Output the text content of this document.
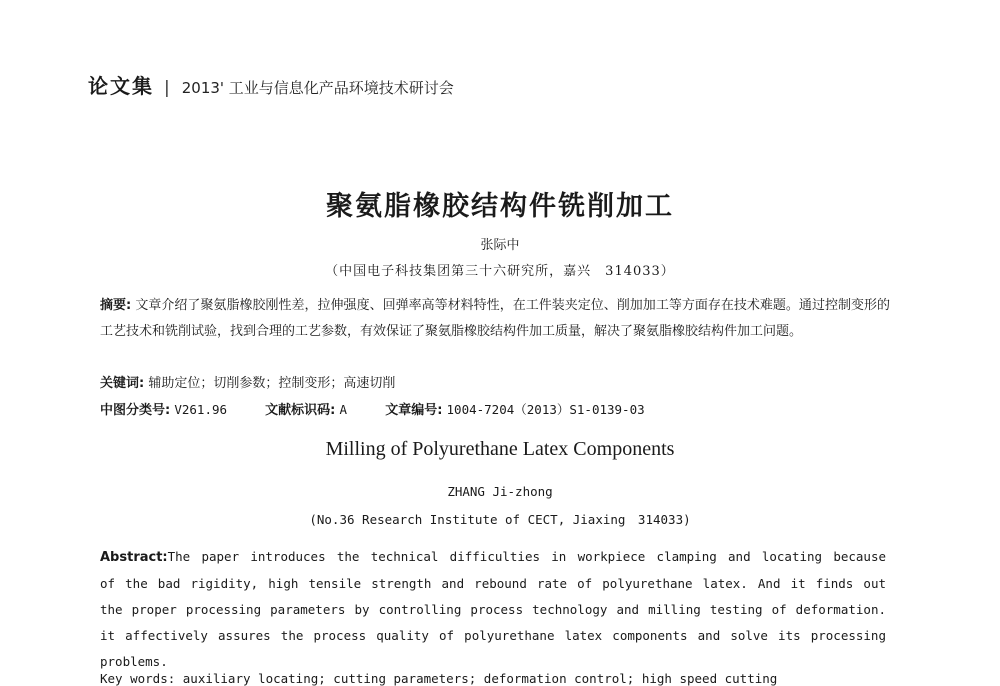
论文集 | 2013' 工业与信息化产品环境技术研讨会
聚氨脂橡胶结构件铣削加工
张际中
（中国电子科技集团第三十六研究所，嘉兴　314033）
摘要: 文章介绍了聚氨脂橡胶刚性差，拉伸强度、回弹率高等材料特性，在工件装夹定位、削加加工等方面存在技术难题。通过控制变形的工艺技术和铣削试验，找到合理的工艺参数，有效保证了聚氨脂橡胶结构件加工质量，解决了聚氨脂橡胶结构件加工问题。
关键词: 辅助定位；切削参数；控制变形；高速切削
中图分类号: V261.96	文献标识码: A	文章编号: 1004-7204（2013）S1-0139-03
Milling of Polyurethane Latex Components
ZHANG Ji-zhong
(No.36 Research Institute of CECT, Jiaxing　314033)
Abstract:The paper introduces the technical difficulties in workpiece clamping and locating because
of the bad rigidity, high tensile strength and rebound rate of polyurethane latex. And it finds out
the proper processing parameters by controlling process technology and milling testing of deformation.
it affectively assures the process quality of polyurethane latex components and solve its processing
problems.
Key words: auxiliary locating; cutting parameters; deformation control; high speed cutting
